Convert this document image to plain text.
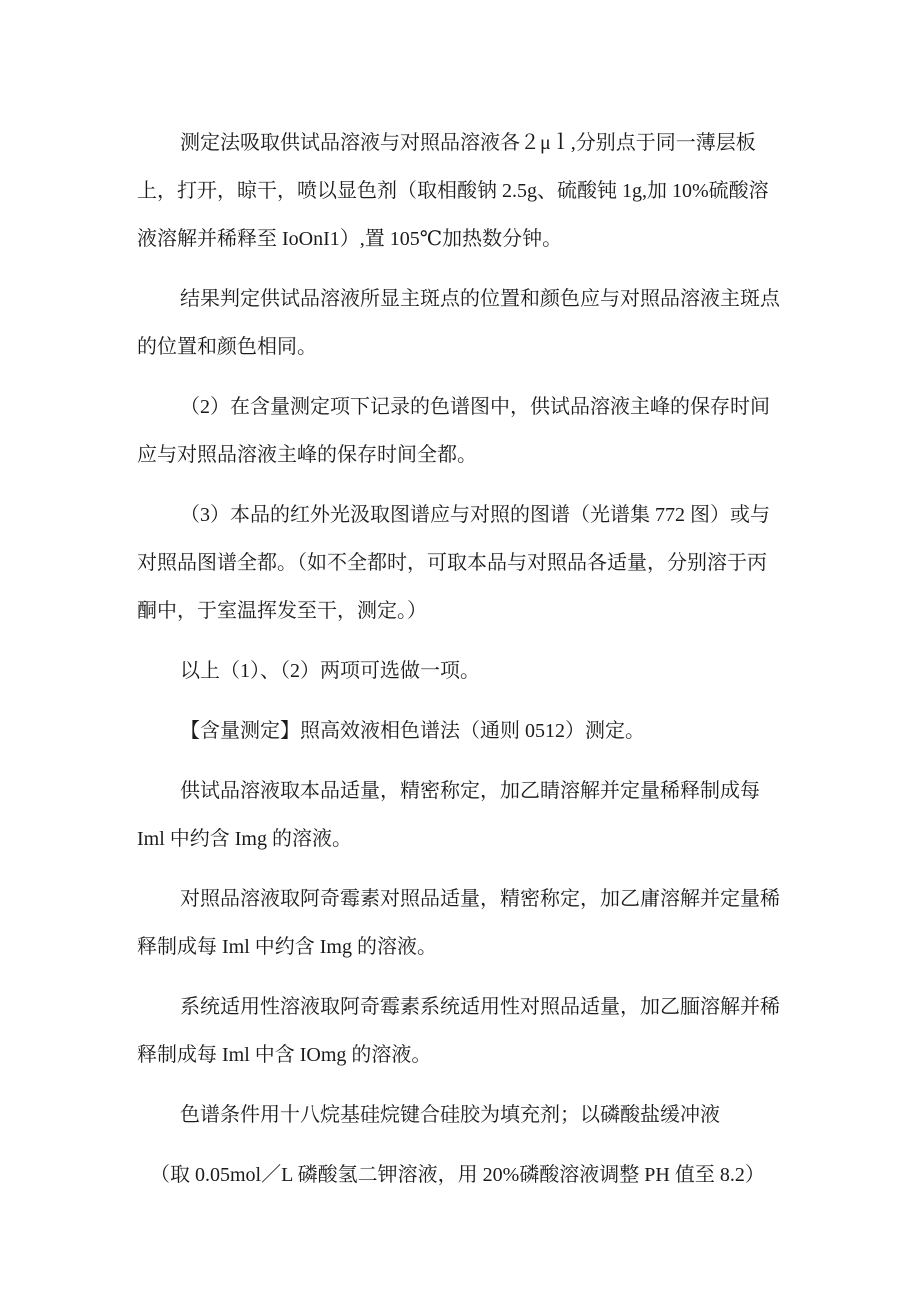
测定法吸取供试品溶液与对照品溶液各２μｌ,分别点于同一薄层板
上，打开，晾干，喷以显色剂（取相酸钠 2.5g、硫酸钝 1g,加 10%硫酸溶
液溶解并稀释至 IoOnI1）,置 105℃加热数分钟。
结果判定供试品溶液所显主斑点的位置和颜色应与对照品溶液主斑点
的位置和颜色相同。
（2）在含量测定项下记录的色谱图中，供试品溶液主峰的保存时间
应与对照品溶液主峰的保存时间全都。
（3）本品的红外光汲取图谱应与对照的图谱（光谱集 772 图）或与
对照品图谱全都。（如不全都时，可取本品与对照品各适量，分别溶于丙
酮中，于室温挥发至干，测定。）
以上（1）、（2）两项可选做一项。
【含量测定】照高效液相色谱法（通则 0512）测定。
供试品溶液取本品适量，精密称定，加乙睛溶解并定量稀释制成每
Iml 中约含 Img 的溶液。
对照品溶液取阿奇霉素对照品适量，精密称定，加乙庸溶解并定量稀
释制成每 Iml 中约含 Img 的溶液。
系统适用性溶液取阿奇霉素系统适用性对照品适量，加乙腼溶解并稀
释制成每 Iml 中含 IOmg 的溶液。
色谱条件用十八烷基硅烷键合硅胶为填充剂；以磷酸盐缓冲液
（取 0.05mol／L 磷酸氢二钾溶液，用 20%磷酸溶液调整 PH 值至 8.2）
